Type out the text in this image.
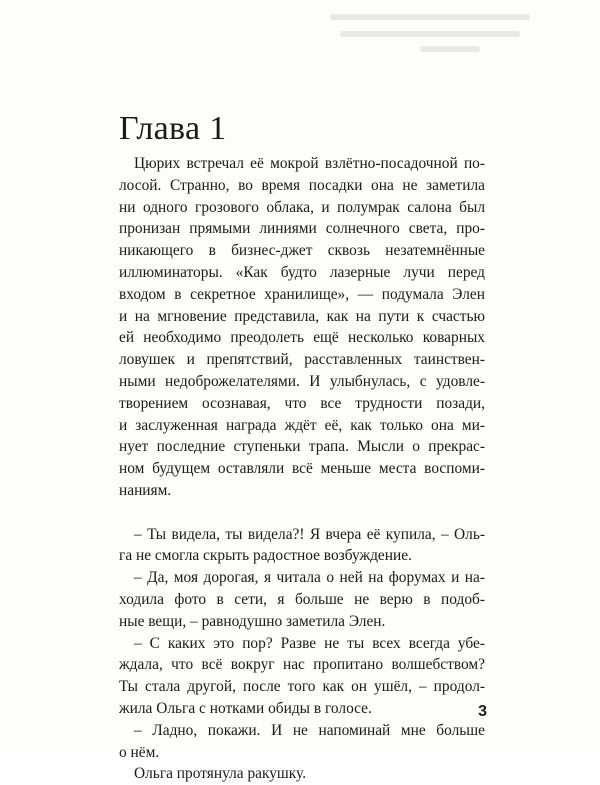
Глава 1
Цюрих встречал её мокрой взлётно-посадочной по-
лосой. Странно, во время посадки она не заметила
ни одного грозового облака, и полумрак салона был
пронизан прямыми линиями солнечного света, про-
никающего в бизнес-джет сквозь незатемнённые
иллюминаторы. «Как будто лазерные лучи перед
входом в секретное хранилище», — подумала Элен
и на мгновение представила, как на пути к счастью
ей необходимо преодолеть ещё несколько коварных
ловушек и препятствий, расставленных таинствен-
ными недоброжелателями. И улыбнулась, с удовле-
творением осознавая, что все трудности позади,
и заслуженная награда ждёт её, как только она ми-
нует последние ступеньки трапа. Мысли о прекрас-
ном будущем оставляли всё меньше места воспоми-
наниям.
– Ты видела, ты видела?! Я вчера её купила, – Оль-
га не смогла скрыть радостное возбуждение.
– Да, моя дорогая, я читала о ней на форумах и на-
ходила фото в сети, я больше не верю в подоб-
ные вещи, – равнодушно заметила Элен.
– С каких это пор? Разве не ты всех всегда убе-
ждала, что всё вокруг нас пропитано волшебством?
Ты стала другой, после того как он ушёл, – продол-
жила Ольга с нотками обиды в голосе.
– Ладно, покажи. И не напоминай мне больше
о нём.
Ольга протянула ракушку.
3
